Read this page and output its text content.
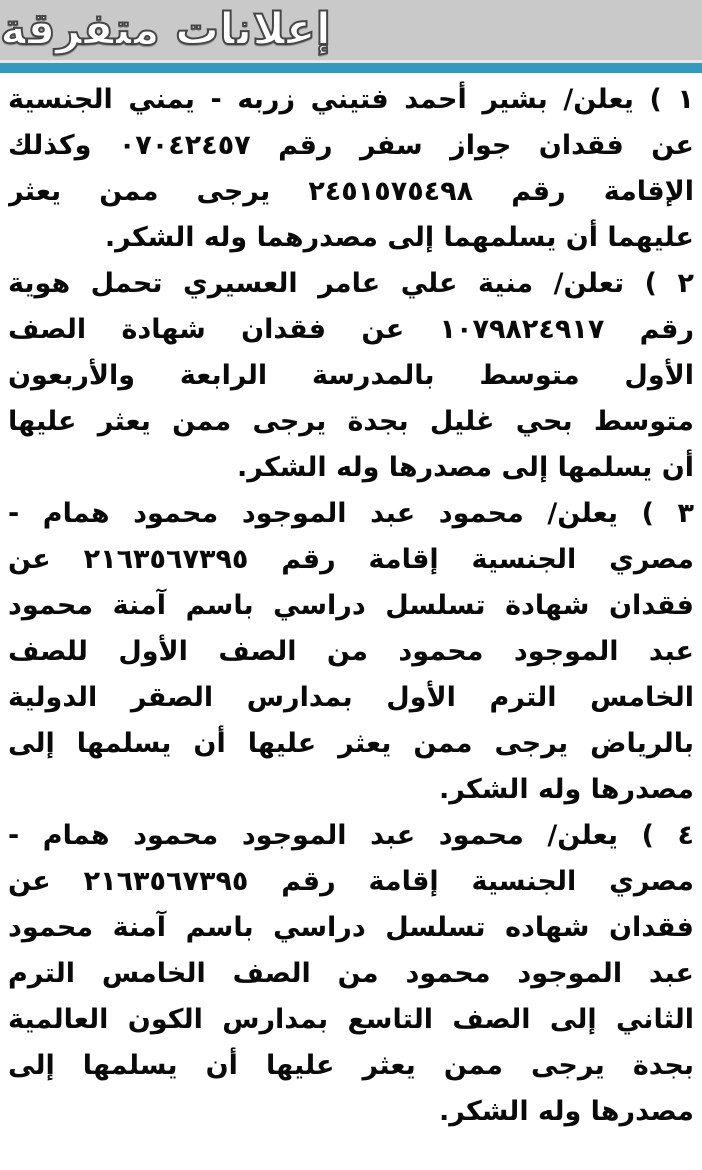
إعلانات متفرقة
١ ) يعلن/ بشير أحمد فتيني زربه - يمني الجنسية
عن فقدان جواز سفر رقم ٠٧٠٤٢٤٥٧ وكذلك
الإقامة رقم ٢٤٥١٥٧٥٤٩٨ يرجى ممن يعثر
عليهما أن يسلمهما إلى مصدرهما وله الشكر.
٢ ) تعلن/ منية علي عامر العسيري تحمل هوية
رقم ١٠٧٩٨٢٤٩١٧ عن فقدان شهادة الصف
الأول متوسط بالمدرسة الرابعة والأربعون
متوسط بحي غليل بجدة يرجى ممن يعثر عليها
أن يسلمها إلى مصدرها وله الشكر.
٣ ) يعلن/ محمود عبد الموجود محمود همام -
مصري الجنسية إقامة رقم ٢١٦٣٥٦٧٣٩٥ عن
فقدان شهادة تسلسل دراسي باسم آمنة محمود
عبد الموجود محمود من الصف الأول للصف
الخامس الترم الأول بمدارس الصقر الدولية
بالرياض يرجى ممن يعثر عليها أن يسلمها إلى
مصدرها وله الشكر.
٤ ) يعلن/ محمود عبد الموجود محمود همام -
مصري الجنسية إقامة رقم ٢١٦٣٥٦٧٣٩٥ عن
فقدان شهاده تسلسل دراسي باسم آمنة محمود
عبد الموجود محمود من الصف الخامس الترم
الثاني إلى الصف التاسع بمدارس الكون العالمية
بجدة يرجى ممن يعثر عليها أن يسلمها إلى
مصدرها وله الشكر.
